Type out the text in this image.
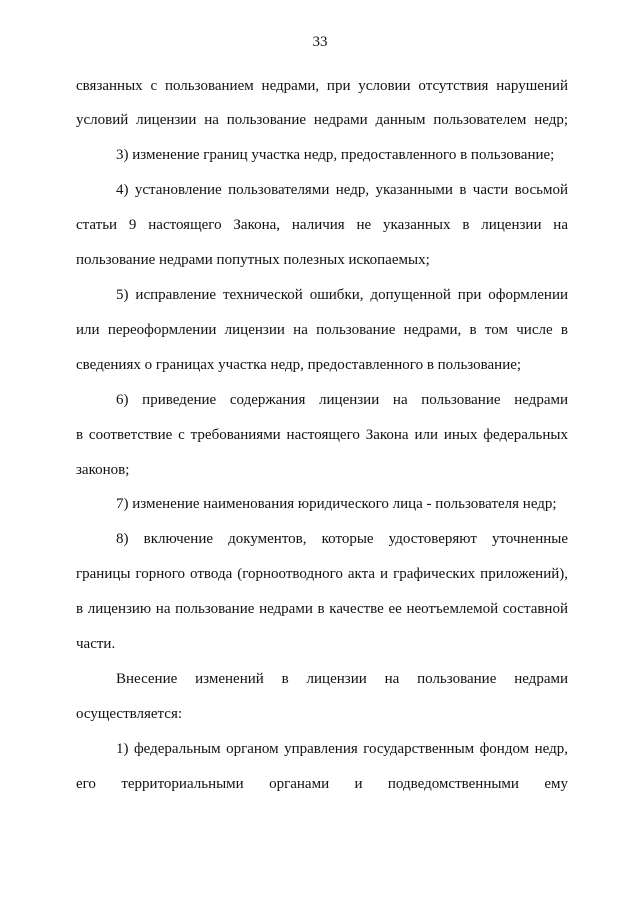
33
связанных с пользованием недрами, при условии отсутствия нарушений
условий лицензии на пользование недрами данным пользователем недр;
3) изменение границ участка недр, предоставленного в пользование;
4) установление пользователями недр, указанными в части восьмой
статьи 9 настоящего Закона, наличия не указанных в лицензии на
пользование недрами попутных полезных ископаемых;
5) исправление технической ошибки, допущенной при оформлении
или переоформлении лицензии на пользование недрами, в том числе в
сведениях о границах участка недр, предоставленного в пользование;
6) приведение содержания лицензии на пользование недрами
в соответствие с требованиями настоящего Закона или иных федеральных
законов;
7) изменение наименования юридического лица - пользователя недр;
8) включение документов, которые удостоверяют уточненные
границы горного отвода (горноотводного акта и графических приложений),
в лицензию на пользование недрами в качестве ее неотъемлемой составной
части.
Внесение изменений в лицензии на пользование недрами
осуществляется:
1) федеральным органом управления государственным фондом недр,
его территориальными органами и подведомственными ему
